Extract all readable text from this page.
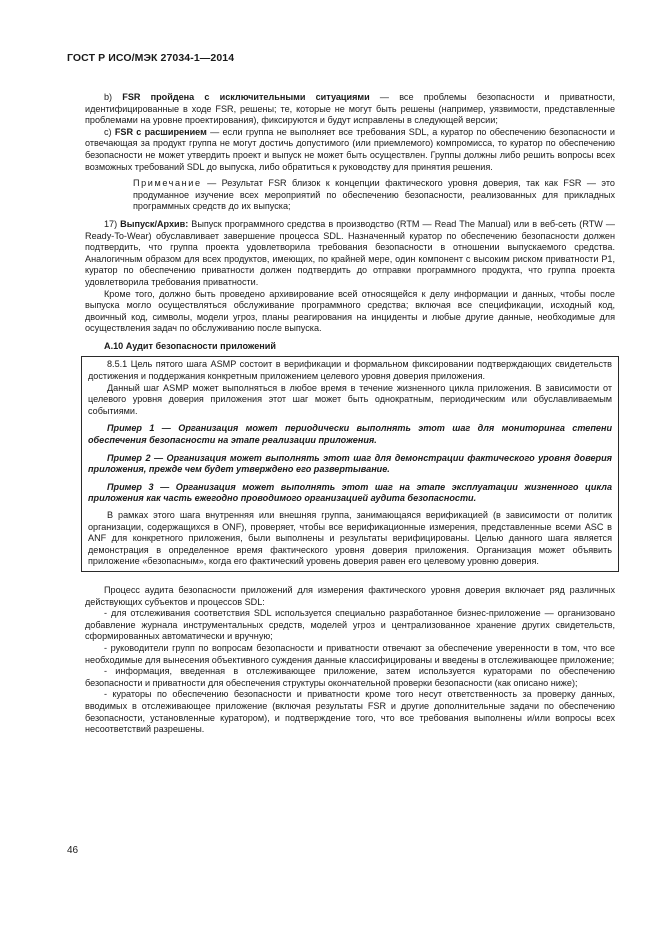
ГОСТ Р ИСО/МЭК 27034-1—2014

b) FSR пройдена с исключительными ситуациями — все проблемы безопасности и приватности, идентифицированные в ходе FSR, решены; те, которые не могут быть решены (например, уязвимости, представленные проблемами на уровне проектирования), фиксируются и будут исправлены в следующей версии;

c) FSR с расширением — если группа не выполняет все требования SDL, а куратор по обеспечению безопасности и отвечающая за продукт группа не могут достичь допустимого (или приемлемого) компромисса, то куратор по обеспечению безопасности не может утвердить проект и выпуск не может быть осуществлен. Группы должны либо решить вопросы всех возможных требований SDL до выпуска, либо обратиться к руководству для принятия решения.

Примечание — Результат FSR близок к концепции фактического уровня доверия, так как FSR — это продуманное изучение всех мероприятий по обеспечению безопасности, реализованных для прикладных программных средств до их выпуска;

17) Выпуск/Архив: Выпуск программного средства в производство (RTM — Read The Manual) или в веб-сеть (RTW — Ready-To-Wear) обуславливает завершение процесса SDL. Назначенный куратор по обеспечению безопасности должен подтвердить, что группа проекта удовлетворила требования безопасности в отношении выпускаемого средства. Аналогичным образом для всех продуктов, имеющих, по крайней мере, один компонент с высоким риском приватности P1, куратор по обеспечению приватности должен подтвердить до отправки программного продукта, что группа проекта удовлетворила требования приватности.

Кроме того, должно быть проведено архивирование всей относящейся к делу информации и данных, чтобы после выпуска могло осуществляться обслуживание программного средства; включая все спецификации, исходный код, двоичный код, символы, модели угроз, планы реагирования на инциденты и любые другие данные, необходимые для осуществления задач по обслуживанию после выпуска.

А.10 Аудит безопасности приложений

8.5.1 Цель пятого шага ASMP состоит в верификации и формальном фиксировании подтверждающих свидетельств достижения и поддержания конкретным приложением целевого уровня доверия приложения.

Данный шаг ASMP может выполняться в любое время в течение жизненного цикла приложения. В зависимости от целевого уровня доверия приложения этот шаг может быть однократным, периодическим или обуславливаемым событиями.

Пример 1 — Организация может периодически выполнять этот шаг для мониторинга степени обеспечения безопасности на этапе реализации приложения.

Пример 2 — Организация может выполнять этот шаг для демонстрации фактического уровня доверия приложения, прежде чем будет утверждено его развертывание.

Пример 3 — Организация может выполнять этот шаг на этапе эксплуатации жизненного цикла приложения как часть ежегодно проводимого организацией аудита безопасности.

В рамках этого шага внутренняя или внешняя группа, занимающаяся верификацией (в зависимости от политик организации, содержащихся в ONF), проверяет, чтобы все верификационные измерения, представленные всеми ASC в ANF для конкретного приложения, были выполнены и результаты верифицированы. Целью данного шага является демонстрация в определенное время фактического уровня доверия приложения. Организация может объявить приложение «безопасным», когда его фактический уровень доверия равен его целевому уровню доверия.

Процесс аудита безопасности приложений для измерения фактического уровня доверия включает ряд различных действующих субъектов и процессов SDL:

- для отслеживания соответствия SDL используется специально разработанное бизнес-приложение — организовано добавление журнала инструментальных средств, моделей угроз и централизованное хранение других свидетельств, сформированных автоматически и вручную;

- руководители групп по вопросам безопасности и приватности отвечают за обеспечение уверенности в том, что все необходимые для вынесения объективного суждения данные классифицированы и введены в отслеживающее приложение;

- информация, введенная в отслеживающее приложение, затем используется кураторами по обеспечению безопасности и приватности для обеспечения структуры окончательной проверки безопасности (как описано ниже);

- кураторы по обеспечению безопасности и приватности кроме того несут ответственность за проверку данных, вводимых в отслеживающее приложение (включая результаты FSR и другие дополнительные задачи по обеспечению безопасности, установленные куратором), и подтверждение того, что все требования выполнены и/или вопросы всех несоответствий разрешены.

46
